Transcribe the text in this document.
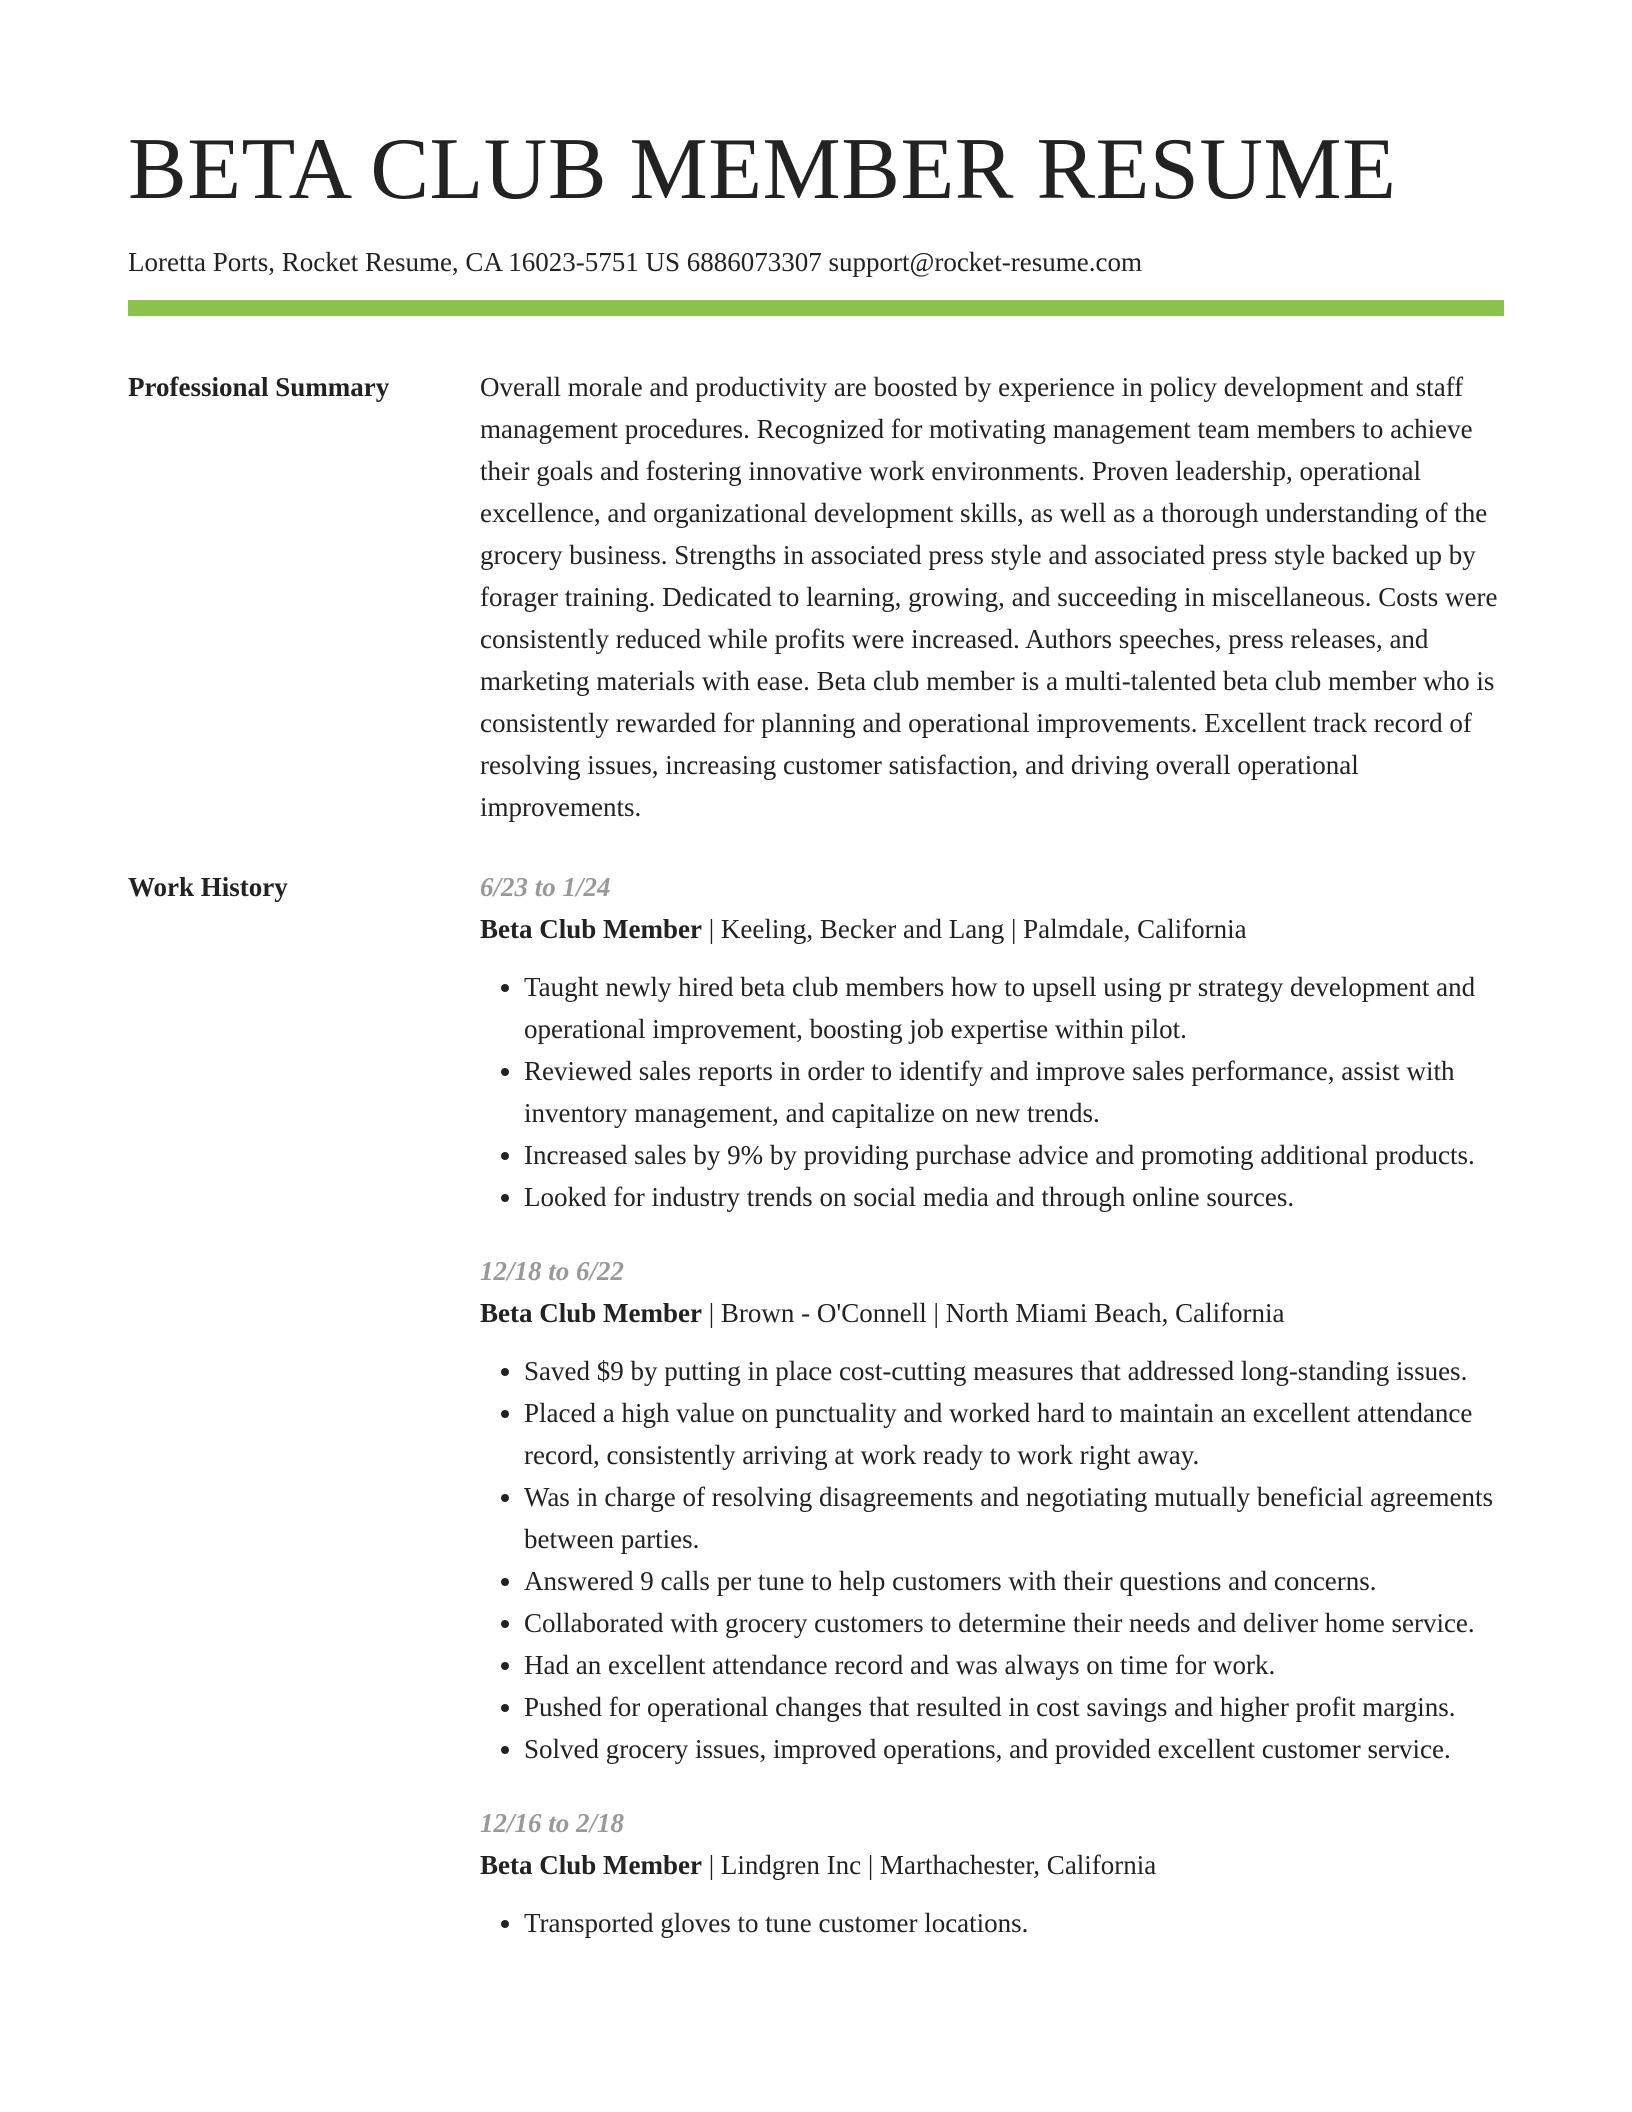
BETA CLUB MEMBER RESUME
Loretta Ports, Rocket Resume, CA 16023-5751 US 6886073307 support@rocket-resume.com
Professional Summary	Overall morale and productivity are boosted by experience in policy development and staff management procedures. Recognized for motivating management team members to achieve their goals and fostering innovative work environments. Proven leadership, operational excellence, and organizational development skills, as well as a thorough understanding of the grocery business. Strengths in associated press style and associated press style backed up by forager training. Dedicated to learning, growing, and succeeding in miscellaneous. Costs were consistently reduced while profits were increased. Authors speeches, press releases, and marketing materials with ease. Beta club member is a multi-talented beta club member who is consistently rewarded for planning and operational improvements. Excellent track record of resolving issues, increasing customer satisfaction, and driving overall operational improvements.

Work History	6/23 to 1/24
Beta Club Member | Keeling, Becker and Lang | Palmdale, California
• Taught newly hired beta club members how to upsell using pr strategy development and operational improvement, boosting job expertise within pilot.
• Reviewed sales reports in order to identify and improve sales performance, assist with inventory management, and capitalize on new trends.
• Increased sales by 9% by providing purchase advice and promoting additional products.
• Looked for industry trends on social media and through online sources.
12/18 to 6/22
Beta Club Member | Brown - O'Connell | North Miami Beach, California
• Saved $9 by putting in place cost-cutting measures that addressed long-standing issues.
• Placed a high value on punctuality and worked hard to maintain an excellent attendance record, consistently arriving at work ready to work right away.
• Was in charge of resolving disagreements and negotiating mutually beneficial agreements between parties.
• Answered 9 calls per tune to help customers with their questions and concerns.
• Collaborated with grocery customers to determine their needs and deliver home service.
• Had an excellent attendance record and was always on time for work.
• Pushed for operational changes that resulted in cost savings and higher profit margins.
• Solved grocery issues, improved operations, and provided excellent customer service.
12/16 to 2/18
Beta Club Member | Lindgren Inc | Marthachester, California
• Transported gloves to tune customer locations.
